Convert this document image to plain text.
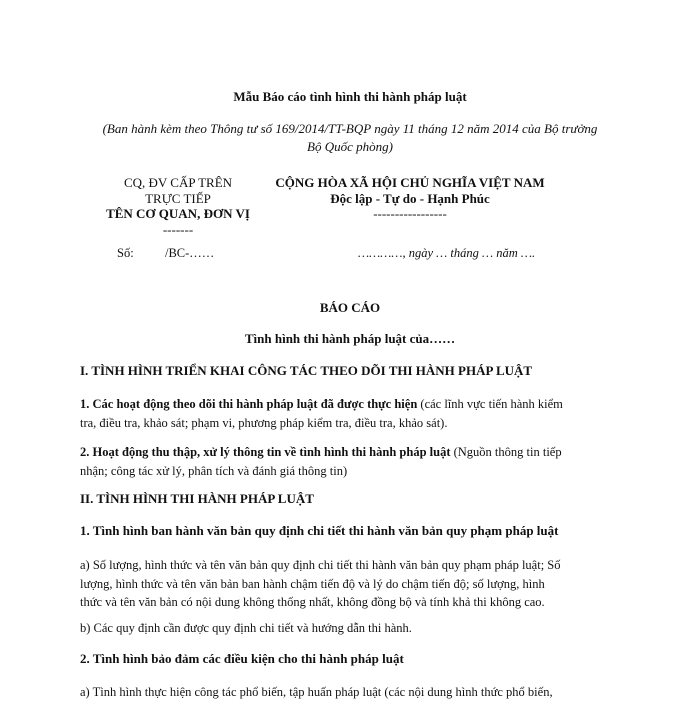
Mẫu Báo cáo tình hình thi hành pháp luật
(Ban hành kèm theo Thông tư số 169/2014/TT-BQP ngày 11 tháng 12 năm 2014 của Bộ trưởng
Bộ Quốc phòng)
CQ, ĐV CẤP TRÊN
TRỰC TIẾP
TÊN CƠ QUAN, ĐƠN VỊ
-------
Số:	/BC-……
CỘNG HÒA XÃ HỘI CHỦ NGHĨA VIỆT NAM
Độc lập - Tự do - Hạnh Phúc
-----------------
…………, ngày … tháng … năm ….
BÁO CÁO
Tình hình thi hành pháp luật của……
I. TÌNH HÌNH TRIỂN KHAI CÔNG TÁC THEO DÕI THI HÀNH PHÁP LUẬT
1. Các hoạt động theo dõi thi hành pháp luật đã được thực hiện (các lĩnh vực tiến hành kiểm
tra, điều tra, khảo sát; phạm vi, phương pháp kiểm tra, điều tra, khảo sát).
2. Hoạt động thu thập, xử lý thông tin về tình hình thi hành pháp luật (Nguồn thông tin tiếp
nhận; công tác xử lý, phân tích và đánh giá thông tin)
II. TÌNH HÌNH THI HÀNH PHÁP LUẬT
1. Tình hình ban hành văn bản quy định chi tiết thi hành văn bản quy phạm pháp luật
a) Số lượng, hình thức và tên văn bản quy định chi tiết thi hành văn bản quy phạm pháp luật; Số
lượng, hình thức và tên văn bản ban hành chậm tiến độ và lý do chậm tiến độ; số lượng, hình
thức và tên văn bản có nội dung không thống nhất, không đồng bộ và tính khả thi không cao.
b) Các quy định cần được quy định chi tiết và hướng dẫn thi hành.
2. Tình hình bảo đảm các điều kiện cho thi hành pháp luật
a) Tình hình thực hiện công tác phổ biến, tập huấn pháp luật (các nội dung hình thức phổ biến,
